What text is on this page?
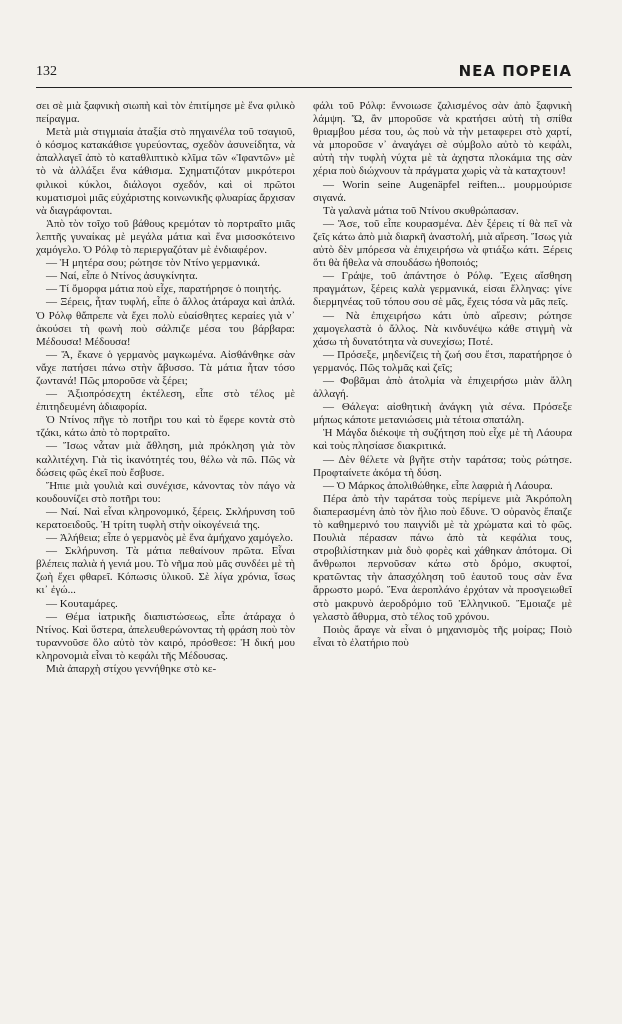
132	ΝΕΑ ΠΟΡΕΙΑ

σει σὲ μιὰ ξαφνικὴ σιωπὴ καὶ τὸν ἐπιτίμησε μὲ ἕνα φιλικὸ πείραγμα.

Μετὰ μιὰ στιγμιαία ἀταξία στὸ πηγαινέλα τοῦ τσαγιοῦ, ὁ κόσμος κατακάθισε γυρεύοντας, σχεδὸν ἀσυνείδητα, νὰ ἀπαλλαγεῖ ἀπὸ τὸ καταθλιπτικὸ κλῖμα τῶν «Ἱφαντῶν» μὲ τὸ νὰ ἀλλάξει ἕνα κάθισμα. Σχηματιζόταν μικρότεροι φιλικοὶ κύκλοι, διάλογοι σχεδόν, καὶ οἱ πρῶτοι κυματισμοὶ μιᾶς εὐχάριστης κοινωνικῆς φλυαρίας ἄρχισαν νὰ διαγράφονται.

Ἀπὸ τὸν τοῖχο τοῦ βάθους κρεμόταν τὸ πορτραῖτο μιᾶς λεπτῆς γυναίκας μὲ μεγάλα μάτια καὶ ἕνα μισοσκότεινο χαμόγελο. Ὁ Ρόλφ τὸ περιεργαζόταν μὲ ἐνδιαφέρον.

— Ἡ μητέρα σου; ρώτησε τὸν Ντίνο γερμανικά.

— Ναί, εἶπε ὁ Ντίνος ἀσυγκίνητα.

— Τί ὄμορφα μάτια ποὺ εἶχε, παρατήρησε ὁ ποιητής.

— Ξέρεις, ἦταν τυφλή, εἶπε ὁ ἄλλος ἀτάραχα καὶ ἁπλά. Ὁ Ρόλφ θἄπρεπε νὰ ἔχει πολὺ εὐαίσθητες κεραίες γιὰ ν᾿ ἀκούσει τὴ φωνὴ ποὺ σάλπιζε μέσα του βάρβαρα: Μέδουσα! Μέδουσα!

— Ἅ, ἔκανε ὁ γερμανὸς μαγκωμένα. Αἰσθάνθηκε σὰν νἄχε πατήσει πάνω στὴν ἄβυσσο. Τὰ μάτια ἦταν τόσο ζωντανά! Πῶς μποροῦσε νὰ ξέρει;

— Ἀξιοπρόσεχτη ἐκτέλεση, εἶπε στὸ τέλος μὲ ἐπιτηδευμένη ἀδιαφορία.

Ὁ Ντίνος πῆγε τὸ ποτῆρι του καὶ τὸ ἔφερε κοντὰ στὸ τζάκι, κάτω ἀπὸ τὸ πορτραῖτο.

— Ἴσως νἆταν μιὰ ἄθληση, μιὰ πρόκληση γιὰ τὸν καλλιτέχνη. Γιὰ τὶς ἱκανότητές του, θέλω νὰ πῶ. Πῶς νὰ δώσεις φῶς ἐκεῖ ποὺ ἔσβυσε.

Ἤπιε μιὰ γουλιὰ καὶ συνέχισε, κάνοντας τὸν πάγο νὰ κουδουνίζει στὸ ποτῆρι του:

— Ναί. Ναὶ εἶναι κληρονομικό, ξέρεις. Σκλήρυνση τοῦ κερατοειδοῦς. Ἡ τρίτη τυφλὴ στὴν οἰκογένειά της.

— Ἀλήθεια; εἶπε ὁ γερμανὸς μὲ ἕνα ἀμήχανο χαμόγελο.

— Σκλήρυνση. Τὰ μάτια πεθαίνουν πρῶτα. Εἶναι βλέπεις παλιὰ ἡ γενιά μου. Τὸ νῆμα ποὺ μᾶς συνδέει μὲ τὴ ζωὴ ἔχει φθαρεῖ. Κόπωσις ὑλικοῦ. Σὲ λίγα χρόνια, ἴσως κι᾿ ἐγώ...

— Κουταμάρες.

— Θέμα ἰατρικῆς διαπιστώσεως, εἶπε ἀτάραχα ὁ Ντίνος. Καὶ ὕστερα, ἀπελευθερώνοντας τὴ φράση ποὺ τὸν τυραννοῦσε ὅλο αὐτὸ τὸν καιρό, πρόσθεσε: Ἡ δική μου κληρονομιὰ εἶναι τὸ κεφάλι τῆς Μέδουσας.

Μιὰ ἀπαρχὴ στίχου γεννήθηκε στὸ κε-

φάλι τοῦ Ρόλφ: ἔννοιωσε ζαλισμένος σὰν ἀπὸ ξαφνικὴ λάμψη. Ὤ, ἂν μποροῦσε νὰ κρατήσει αὐτὴ τὴ σπίθα θριαμβου μέσα του, ὡς ποὺ νὰ τὴν μεταφερει στὸ χαρτί, νὰ μποροῦσε ν᾿ ἀναγάγει σὲ σύμβολο αὐτὸ τὸ κεφάλι, αὐτὴ τὴν τυφλὴ νύχτα μὲ τὰ ἀχηστα πλοκάμια της σὰν χέρια ποὺ διώχνουν τὰ πράγματα χωρὶς νὰ τὰ καταχτουν!

— Worin seine Augenäpfel reiften... μουρμούρισε σιγανά.

Τὰ γαλανὰ μάτια τοῦ Ντίνου σκυθρώπασαν.

— Ἄσε, τοῦ εἶπε κουρασμένα. Δὲν ξέρεις τί θὰ πεῖ νὰ ζεῖς κάτω ἀπὸ μιὰ διαρκῆ ἀναστολή, μιὰ αἵρεση. Ἴσως γιὰ αὐτὸ δὲν μπόρεσα νὰ ἐπιχειρήσω νὰ φτιάξω κάτι. Ξέρεις ὅτι θὰ ἤθελα νὰ σπουδάσω ἠθοποιός;

— Γράψε, τοῦ ἀπάντησε ὁ Ρόλφ. Ἔχεις αἴσθηση πραγμάτων, ξέρεις καλὰ γερμανικά, εἰσαι ἕλληνας: γίνε διερμηνέας τοῦ τόπου σου σὲ μᾶς, ἔχεις τόσα νὰ μᾶς πεῖς.

— Νὰ ἐπιχειρήσω κάτι ὑπὸ αἵρεσιν; ρώτησε χαμογελαστὰ ὁ ἄλλος. Νὰ κινδυνέψω κάθε στιγμὴ νὰ χάσω τὴ δυνατότητα νὰ συνεχίσω; Ποτέ.

— Πρόσεξε, μηδενίζεις τὴ ζωή σου ἔτσι, παρατήρησε ὁ γερμανός. Πῶς τολμᾶς καὶ ζεῖς;

— Φοβᾶμαι ἀπὸ ἀτολμία νὰ ἐπιχειρήσω μιὰν ἄλλη ἀλλαγή.

— Θάλεγα: αἰσθητικὴ ἀνάγκη γιὰ σένα. Πρόσεξε μήπως κάποτε μετανιώσεις μιὰ τέτοια σπατάλη.

Ἡ Μάγδα διέκοψε τὴ συζήτηση ποὺ εἶχε μὲ τὴ Λάουρα καὶ τοὺς πλησίασε διακριτικά.

— Δὲν θέλετε νὰ βγῆτε στὴν ταράτσα; τοὺς ρώτησε. Προφταίνετε ἀκόμα τὴ δύση.

— Ὁ Μάρκος ἀπολιθώθηκε, εἶπε λαφριὰ ἡ Λάουρα.

Πέρα ἀπὸ τὴν ταράτσα τοὺς περίμενε μιὰ Ἀκρόπολη διαπερασμένη ἀπὸ τὸν ἥλιο ποὺ ἔδυνε. Ὁ οὐρανὸς ἔπαιζε τὸ καθημερινό του παιγνίδι μὲ τὰ χρώματα καὶ τὸ φῶς. Πουλιὰ πέρασαν πάνω ἀπὸ τὰ κεφάλια τους, στροβιλίστηκαν μιὰ δυὸ φορὲς καὶ χάθηκαν ἀπότομα. Οἱ ἄνθρωποι περνοῦσαν κάτω στὸ δρόμο, σκυφτοί, κρατῶντας τὴν ἀπασχόληση τοῦ ἑαυτοῦ τους σὰν ἕνα ἄρρωστο μωρό. Ἕνα ἀεροπλάνο ἐρχόταν νὰ προσγειωθεῖ στὸ μακρυνὸ ἀεροδρόμιο τοῦ Ἑλληνικοῦ. Ἔμοιαζε μὲ γελαστὸ ἄθυρμα, στὸ τέλος τοῦ χρόνου.

Ποιὸς ἄραγε νὰ εἶναι ὁ μηχανισμὸς τῆς μοίρας; Ποιὸ εἶναι τὸ ἐλατήριο ποὺ
